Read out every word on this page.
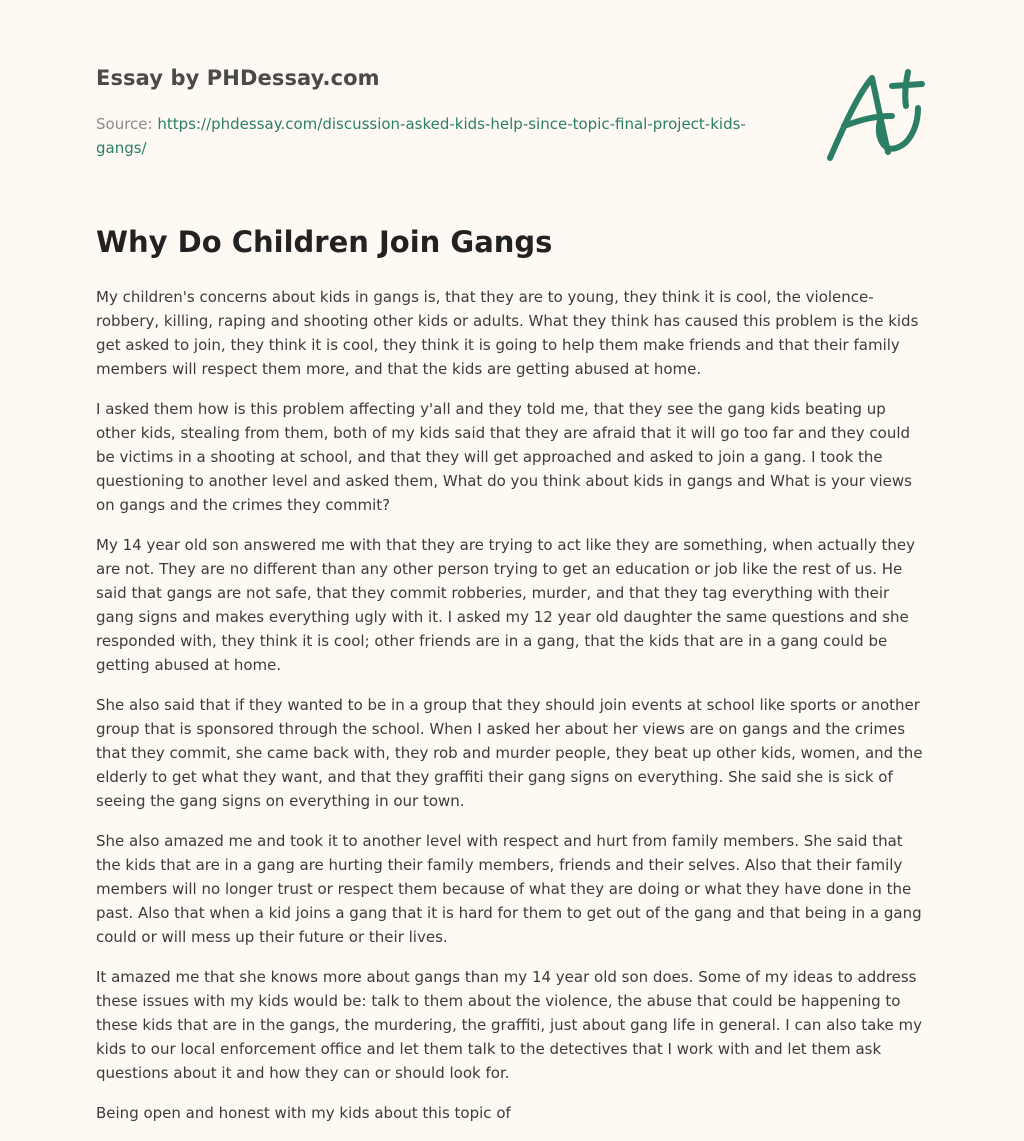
Essay by PHDessay.com
Source: https://phdessay.com/discussion-asked-kids-help-since-topic-final-project-kids-gangs/
Why Do Children Join Gangs

My children's concerns about kids in gangs is, that they are to young, they think it is cool, the violence- robbery, killing, raping and shooting other kids or adults. What they think has caused this problem is the kids get asked to join, they think it is cool, they think it is going to help them make friends and that their family members will respect them more, and that the kids are getting abused at home.

I asked them how is this problem affecting y'all and they told me, that they see the gang kids beating up other kids, stealing from them, both of my kids said that they are afraid that it will go too far and they could be victims in a shooting at school, and that they will get approached and asked to join a gang. I took the questioning to another level and asked them, What do you think about kids in gangs and What is your views on gangs and the crimes they commit?

My 14 year old son answered me with that they are trying to act like they are something, when actually they are not. They are no different than any other person trying to get an education or job like the rest of us. He said that gangs are not safe, that they commit robberies, murder, and that they tag everything with their gang signs and makes everything ugly with it. I asked my 12 year old daughter the same questions and she responded with, they think it is cool; other friends are in a gang, that the kids that are in a gang could be getting abused at home.

She also said that if they wanted to be in a group that they should join events at school like sports or another group that is sponsored through the school. When I asked her about her views are on gangs and the crimes that they commit, she came back with, they rob and murder people, they beat up other kids, women, and the elderly to get what they want, and that they graffiti their gang signs on everything. She said she is sick of seeing the gang signs on everything in our town.

She also amazed me and took it to another level with respect and hurt from family members. She said that the kids that are in a gang are hurting their family members, friends and their selves. Also that their family members will no longer trust or respect them because of what they are doing or what they have done in the past. Also that when a kid joins a gang that it is hard for them to get out of the gang and that being in a gang could or will mess up their future or their lives.

It amazed me that she knows more about gangs than my 14 year old son does. Some of my ideas to address these issues with my kids would be: talk to them about the violence, the abuse that could be happening to these kids that are in the gangs, the murdering, the graffiti, just about gang life in general. I can also take my kids to our local enforcement office and let them talk to the detectives that I work with and let them ask questions about it and how they can or should look for.

Being open and honest with my kids about this topic of
